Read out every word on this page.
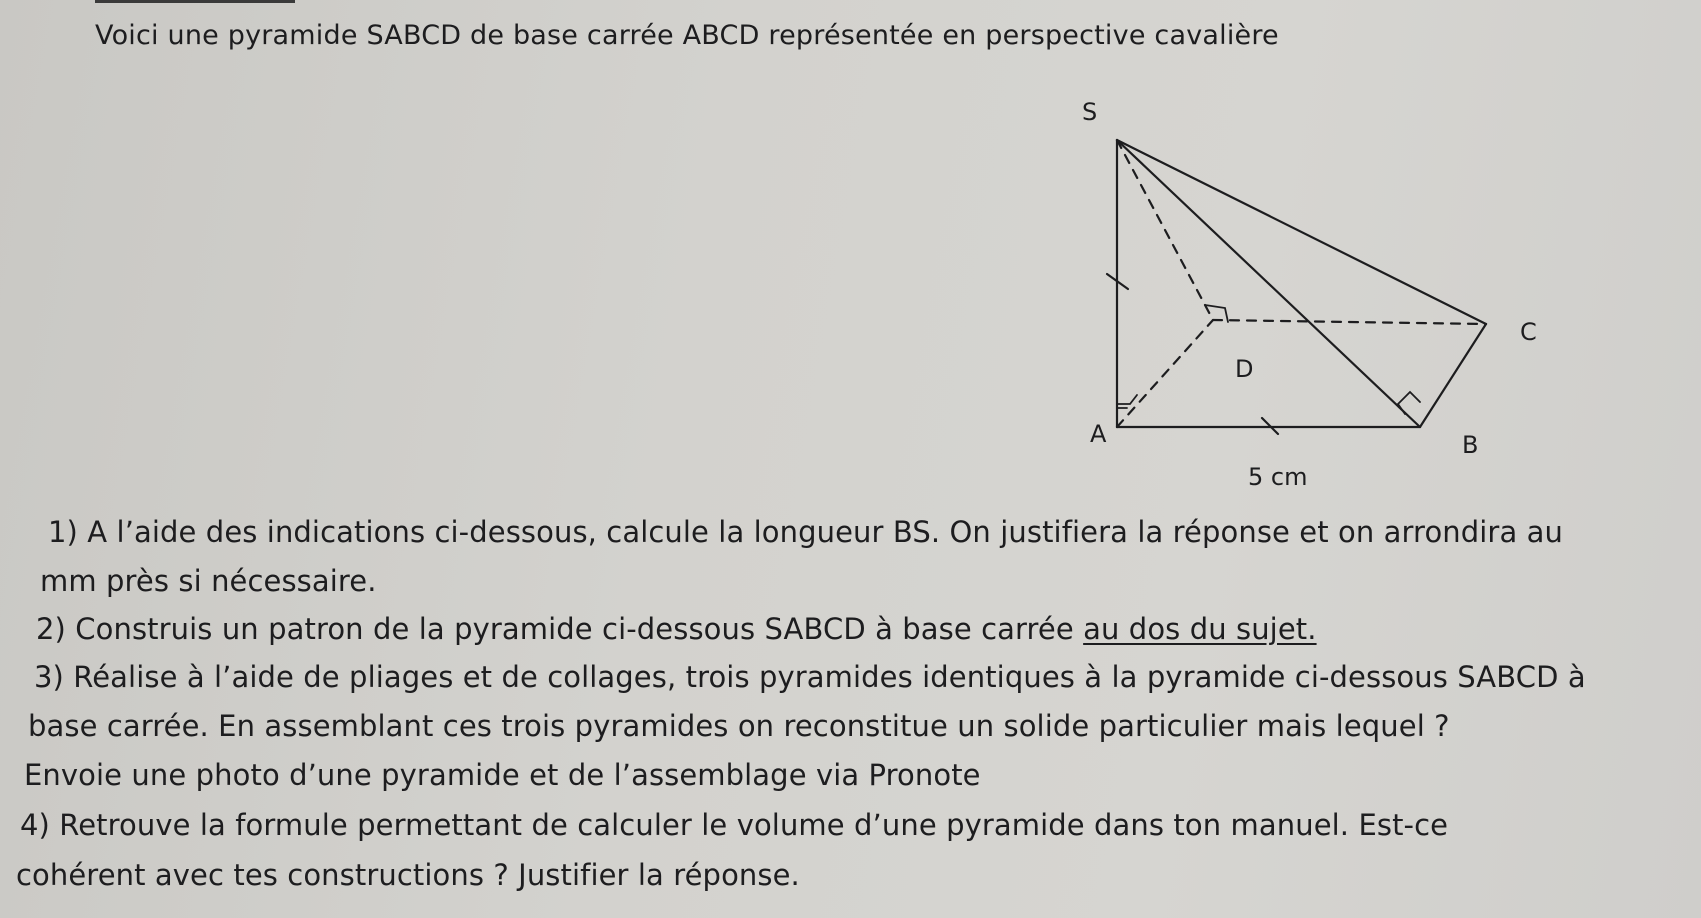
Voici une pyramide SABCD de base carrée ABCD représentée en perspective cavalière
S
C
D
A	B
5 cm
1) A l’aide des indications ci-dessous, calcule la longueur BS. On justifiera la réponse et on arrondira au
mm près si nécessaire.
2) Construis un patron de la pyramide ci-dessous SABCD à base carrée au dos du sujet.
3) Réalise à l’aide de pliages et de collages, trois pyramides identiques à la pyramide ci-dessous SABCD à
base carrée. En assemblant ces trois pyramides on reconstitue un solide particulier mais lequel ?
Envoie une photo d’une pyramide et de l’assemblage via Pronote
4) Retrouve la formule permettant de calculer le volume d’une pyramide dans ton manuel. Est-ce
cohérent avec tes constructions ? Justifier la réponse.
